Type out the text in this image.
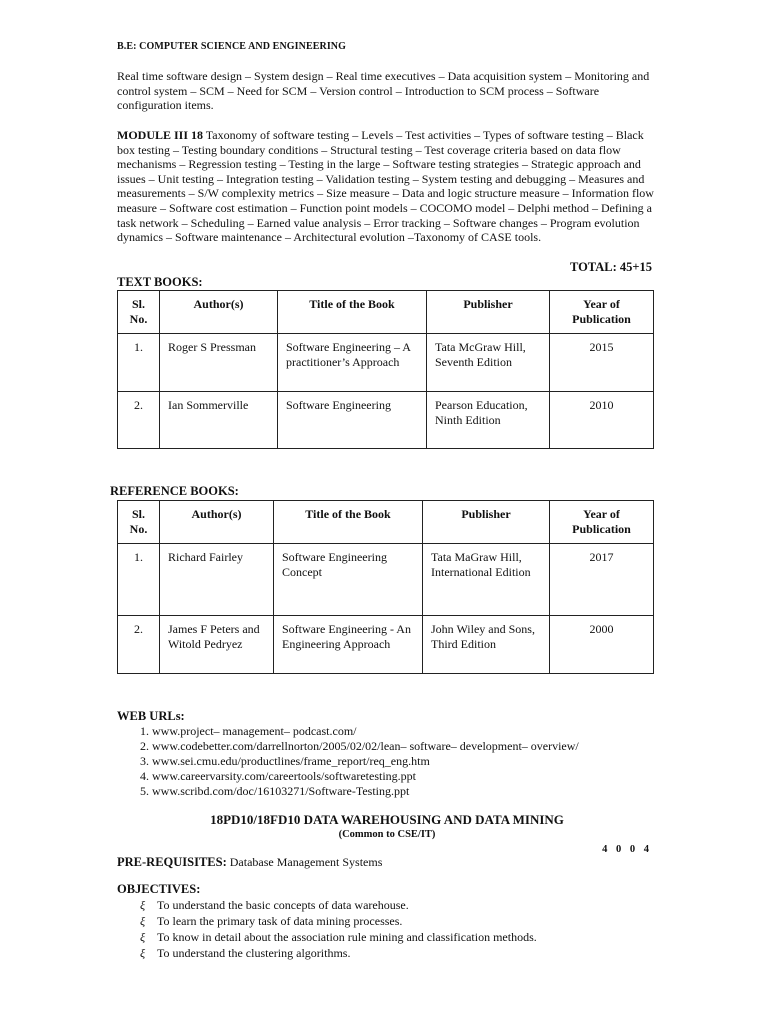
B.E: COMPUTER SCIENCE AND ENGINEERING
Real time software design – System design – Real time executives – Data acquisition system – Monitoring and control system – SCM – Need for SCM – Version control – Introduction to SCM process – Software configuration items.
MODULE III 18 Taxonomy of software testing – Levels – Test activities – Types of software testing – Black box testing – Testing boundary conditions – Structural testing – Test coverage criteria based on data flow mechanisms – Regression testing – Testing in the large – Software testing strategies – Strategic approach and issues – Unit testing – Integration testing – Validation testing – System testing and debugging – Measures and measurements – S/W complexity metrics – Size measure – Data and logic structure measure – Information flow measure – Software cost estimation – Function point models – COCOMO model – Delphi method – Defining a task network – Scheduling – Earned value analysis – Error tracking – Software changes – Program evolution dynamics – Software maintenance – Architectural evolution –Taxonomy of CASE tools.
TOTAL: 45+15
TEXT BOOKS:
Sl. No.	Author(s)	Title of the Book	Publisher	Year of Publication
1.	Roger S Pressman	Software Engineering – A practitioner’s Approach	Tata McGraw Hill, Seventh Edition	2015
2.	Ian Sommerville	Software Engineering	Pearson Education, Ninth Edition	2010
REFERENCE BOOKS:
Sl. No.	Author(s)	Title of the Book	Publisher	Year of Publication
1.	Richard Fairley	Software Engineering Concept	Tata MaGraw Hill, International Edition	2017
2.	James F Peters and Witold Pedryez	Software Engineering - An Engineering Approach	John Wiley and Sons, Third Edition	2000
WEB URLs:
1. www.project– management– podcast.com/
2. www.codebetter.com/darrellnorton/2005/02/02/lean– software– development– overview/
3. www.sei.cmu.edu/productlines/frame_report/req_eng.htm
4. www.careervarsity.com/careertools/softwaretesting.ppt
5. www.scribd.com/doc/16103271/Software-Testing.ppt
18PD10/18FD10 DATA WAREHOUSING AND DATA MINING
(Common to CSE/IT)
4 0 0 4
PRE-REQUISITES: Database Management Systems
OBJECTIVES:
ξ To understand the basic concepts of data warehouse.
ξ To learn the primary task of data mining processes.
ξ To know in detail about the association rule mining and classification methods.
ξ To understand the clustering algorithms.
